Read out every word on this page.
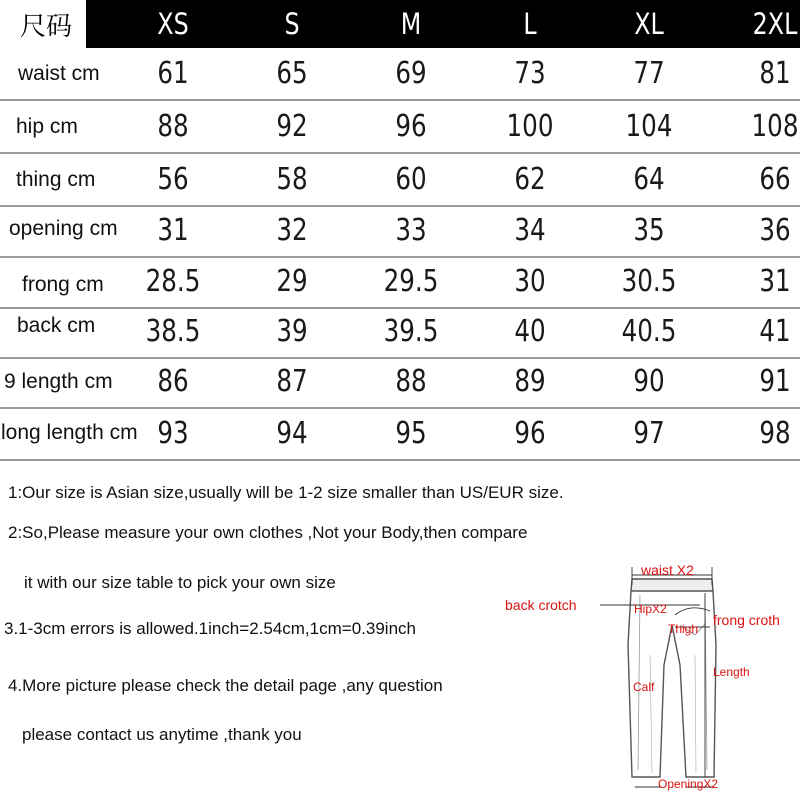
尺码	XS	S	M	L	XL	2XL
waist cm	61	65	69	73	77	81
hip cm	88	92	96	100	104	108
thing cm	56	58	60	62	64	66
opening cm	31	32	33	34	35	36
frong cm	28.5	29	29.5	30	30.5	31
back cm	38.5	39	39.5	40	40.5	41
9 length cm	86	87	88	89	90	91
long length cm 93	94	95	96	97	98
1:Our size is Asian size,usually will be 1-2 size smaller than US/EUR size.
2:So,Please measure your own clothes ,Not your Body,then compare
it with our size table to pick your own size
3.1-3cm errors is allowed.1inch=2.54cm,1cm=0.39inch
4.More picture please check the detail page ,any question
please contact us anytime ,thank you
waist X2
back crotch	HipX2
Thigh
frong croth
Length
Calf
OpeningX2
